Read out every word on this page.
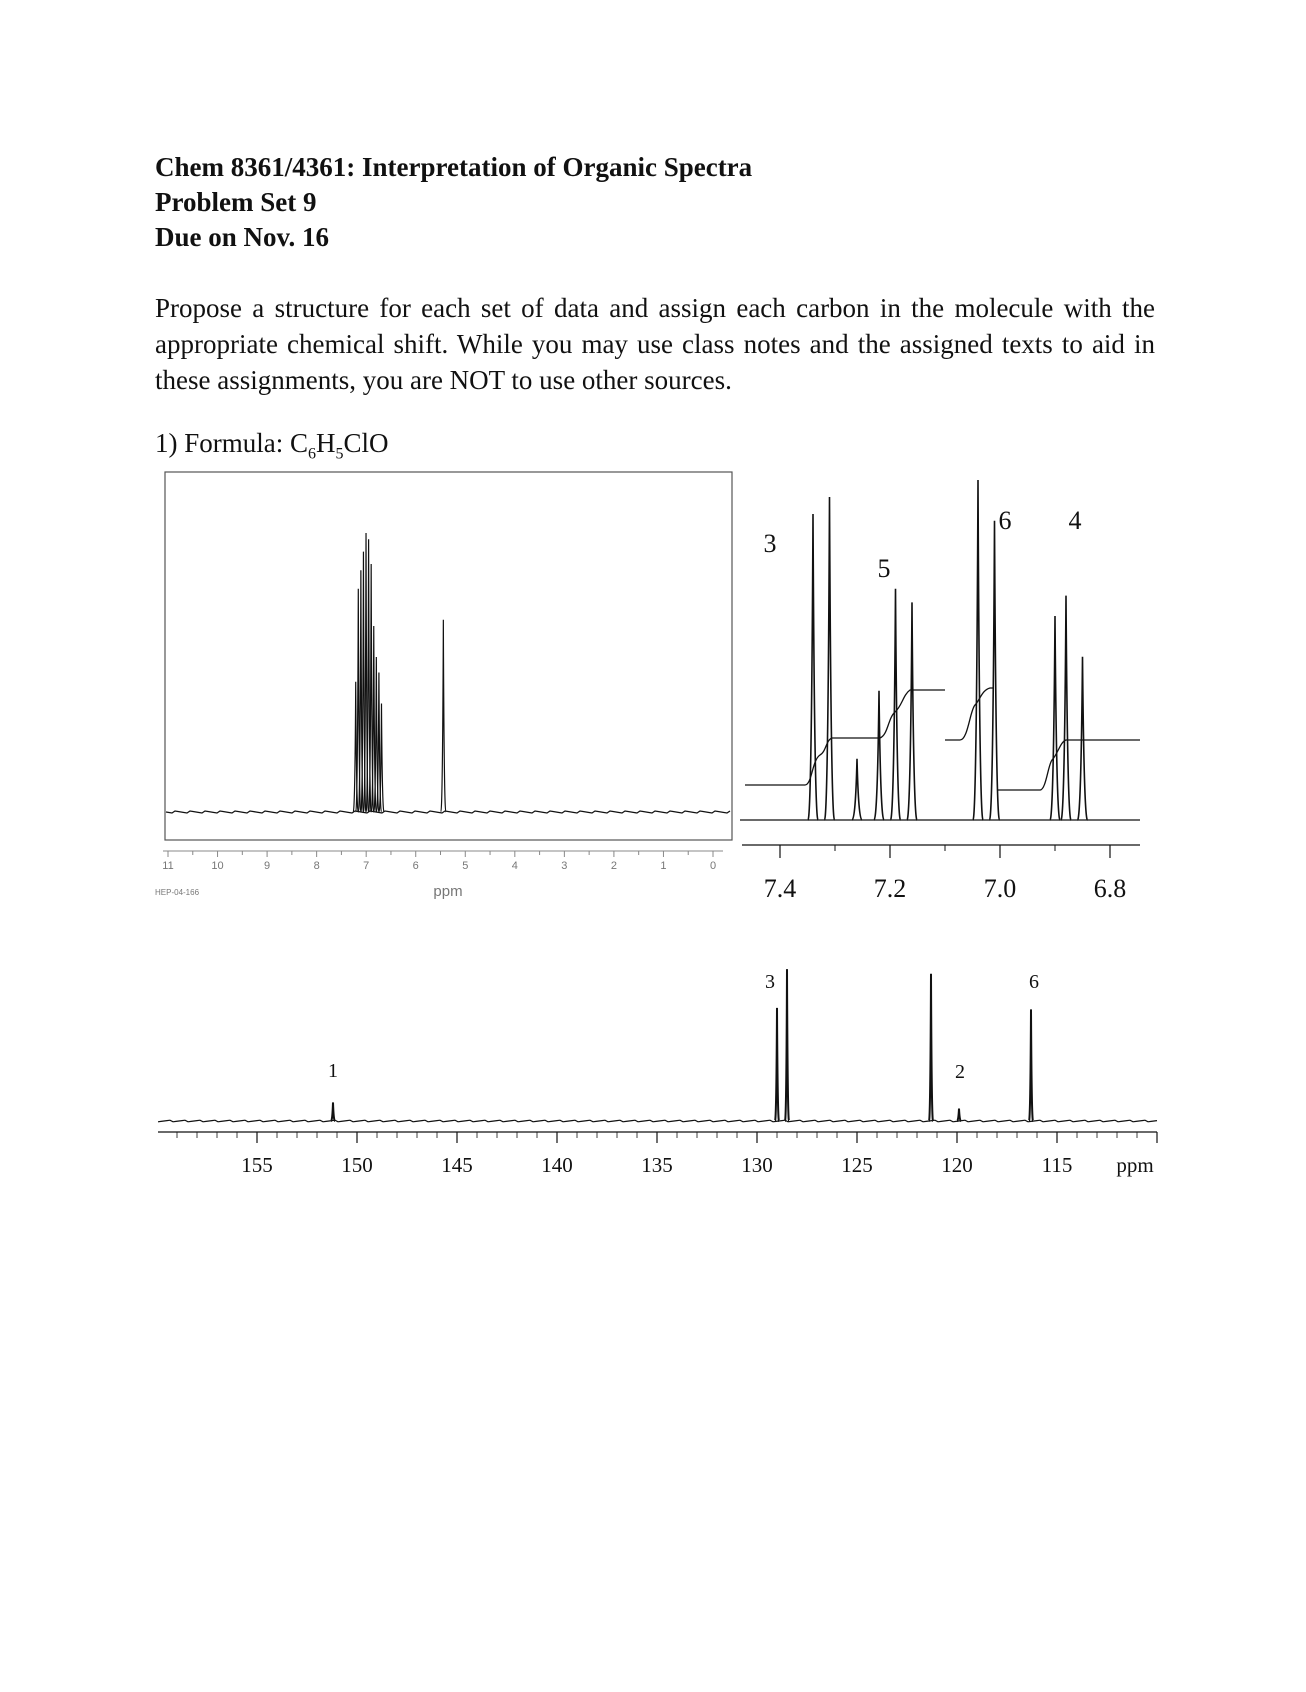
Chem 8361/4361: Interpretation of Organic Spectra
Problem Set 9
Due on Nov. 16
Propose a structure for each set of data and assign each carbon in the molecule with the appropriate chemical shift. While you may use class notes and the assigned texts to aid in these assignments, you are NOT to use other sources.
1) Formula: $C_6H_5ClO$
11	10	9	8	7	6	5	4	3	2	1	0
HEP-04-166	ppm	7.4	7.2	7.0	6.8
3
5
6 4
155	150	145	140	135	130	125	120	115
1
3
2
6
ppm
